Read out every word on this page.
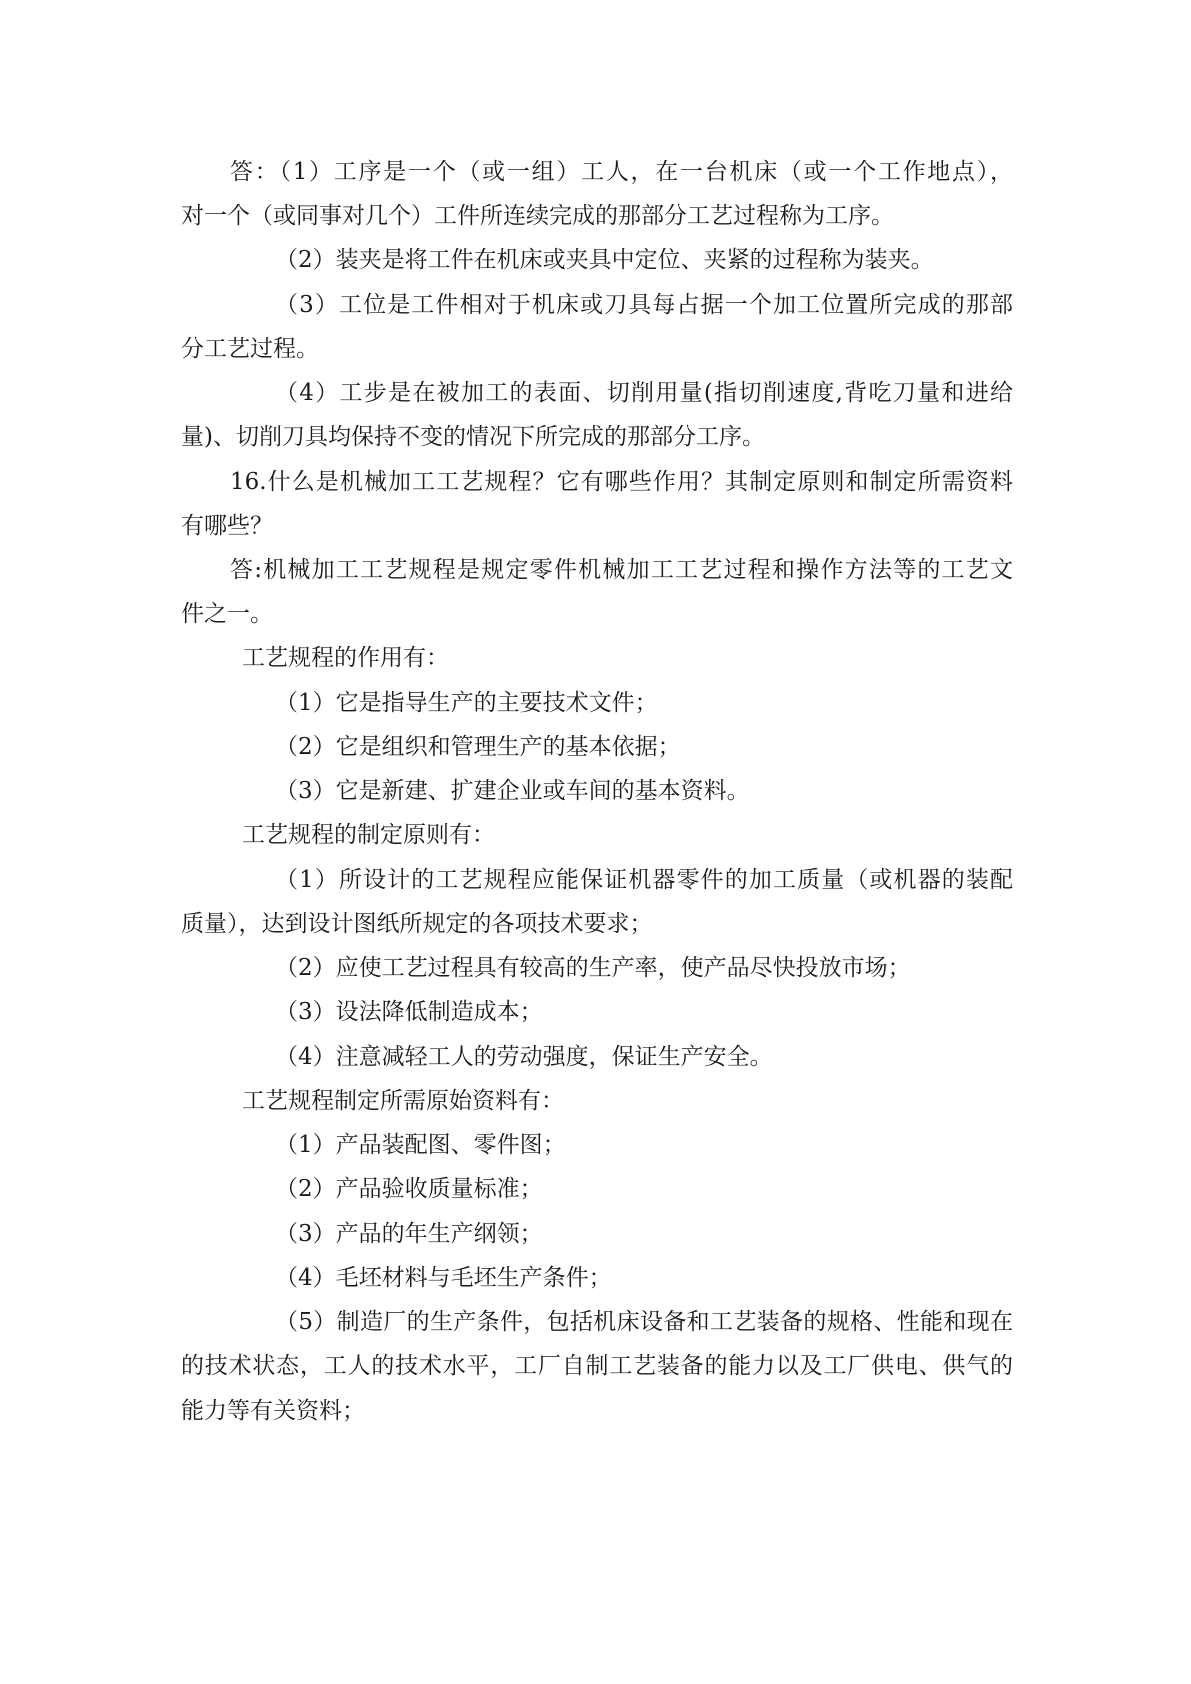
答：（1）工序是一个（或一组）工人，在一台机床（或一个工作地点），
对一个（或同事对几个）工件所连续完成的那部分工艺过程称为工序。
（2）装夹是将工件在机床或夹具中定位、夹紧的过程称为装夹。
（3）工位是工件相对于机床或刀具每占据一个加工位置所完成的那部
分工艺过程。
（4）工步是在被加工的表面、切削用量(指切削速度,背吃刀量和进给
量)、切削刀具均保持不变的情况下所完成的那部分工序。
16.什么是机械加工工艺规程？它有哪些作用？其制定原则和制定所需资料
有哪些？
答:机械加工工艺规程是规定零件机械加工工艺过程和操作方法等的工艺文
件之一。
工艺规程的作用有：
（1）它是指导生产的主要技术文件；
（2）它是组织和管理生产的基本依据；
（3）它是新建、扩建企业或车间的基本资料。
工艺规程的制定原则有：
（1）所设计的工艺规程应能保证机器零件的加工质量（或机器的装配
质量），达到设计图纸所规定的各项技术要求；
（2）应使工艺过程具有较高的生产率，使产品尽快投放市场；
（3）设法降低制造成本；
（4）注意减轻工人的劳动强度，保证生产安全。
工艺规程制定所需原始资料有：
（1）产品装配图、零件图；
（2）产品验收质量标准；
（3）产品的年生产纲领；
（4）毛坯材料与毛坯生产条件；
（5）制造厂的生产条件，包括机床设备和工艺装备的规格、性能和现在
的技术状态，工人的技术水平，工厂自制工艺装备的能力以及工厂供电、供气的
能力等有关资料；
